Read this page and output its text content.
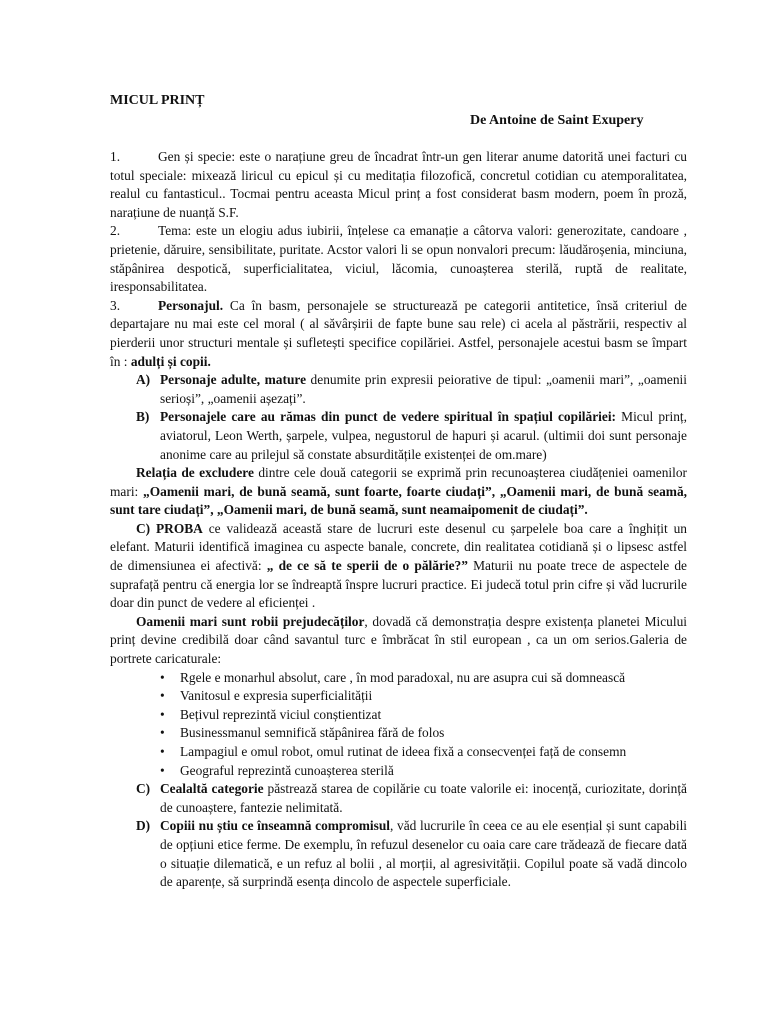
MICUL PRINȚ
De Antoine de Saint Exupery

1.	Gen și specie: este o narațiune greu de încadrat într-un gen literar anume datorită unei facturi cu totul speciale: mixează liricul cu epicul și cu meditația filozofică, concretul cotidian cu atemporalitatea, realul cu fantasticul.. Tocmai pentru aceasta Micul prinț a fost considerat basm modern, poem în proză, narațiune de nuanță S.F.

2.	Tema: este un elogiu adus iubirii, înțelese ca emanație a câtorva valori: generozitate, candoare , prietenie, dăruire, sensibilitate, puritate. Acstor valori li se opun nonvalori precum: lăudăroșenia, minciuna, stăpânirea despotică, superficialitatea, viciul, lăcomia, cunoașterea sterilă, ruptă de realitate, iresponsabilitatea.

3.	Personajul. Ca în basm, personajele se structurează pe categorii antitetice, însă criteriul de departajare nu mai este cel moral ( al săvârșirii de fapte bune sau rele) ci acela al păstrării, respectiv al pierderii unor structuri mentale și sufletești specifice copilăriei. Astfel, personajele acestui basm se împart în : adulți și copii.

A) Personaje adulte, mature denumite prin expresii peiorative de tipul: „oamenii mari”, „oamenii serioși”, „oamenii așezați”.
B) Personajele care au rămas din punct de vedere spiritual în spațiul copilăriei: Micul prinț, aviatorul, Leon Werth, șarpele, vulpea, negustorul de hapuri și acarul. (ultimii doi sunt personaje anonime care au prilejul să constate absurditățile existenței de om.mare)

Relația de excludere dintre cele două categorii se exprimă prin recunoașterea ciudățeniei oamenilor mari: „Oamenii mari, de bună seamă, sunt foarte, foarte ciudați”, „Oamenii mari, de bună seamă, sunt tare ciudați”, „Oamenii mari, de bună seamă, sunt neamaipomenit de ciudați”.

C) PROBA ce validează această stare de lucruri este desenul cu șarpelele boa care a înghițit un elefant. Maturii identifică imaginea cu aspecte banale, concrete, din realitatea cotidiană și o lipsesc astfel de dimensiunea ei afectivă: „ de ce să te sperii de o pălărie?” Maturii nu poate trece de aspectele de suprafață pentru că energia lor se îndreaptă înspre lucruri practice. Ei judecă totul prin cifre și văd lucrurile doar din punct de vedere al eficienței .

Oamenii mari sunt robii prejudecăților, dovadă că demonstrația despre existența planetei Micului prinț devine credibilă doar când savantul turc e îmbrăcat în stil european , ca un om serios.Galeria de portrete caricaturale:

• Rgele e monarhul absolut, care , în mod paradoxal, nu are asupra cui să domnească
• Vanitosul e expresia superficialității
• Bețivul reprezintă viciul conștientizat
• Businessmanul semnifică stăpânirea fără de folos
• Lampagiul e omul robot, omul rutinat de ideea fixă a consecvenței față de consemn
• Geograful reprezintă cunoașterea sterilă
C) Cealaltă categorie păstrează starea de copilărie cu toate valorile ei: inocență, curiozitate, dorință de cunoaștere, fantezie nelimitată.
D) Copiii nu știu ce înseamnă compromisul, văd lucrurile în ceea ce au ele esențial și sunt capabili de opțiuni etice ferme. De exemplu, în refuzul desenelor cu oaia care care trădează de fiecare dată o situație dilematică, e un refuz al bolii , al morții, al agresivității. Copilul poate să vadă dincolo de aparențe, să surprindă esența dincolo de aspectele superficiale.
